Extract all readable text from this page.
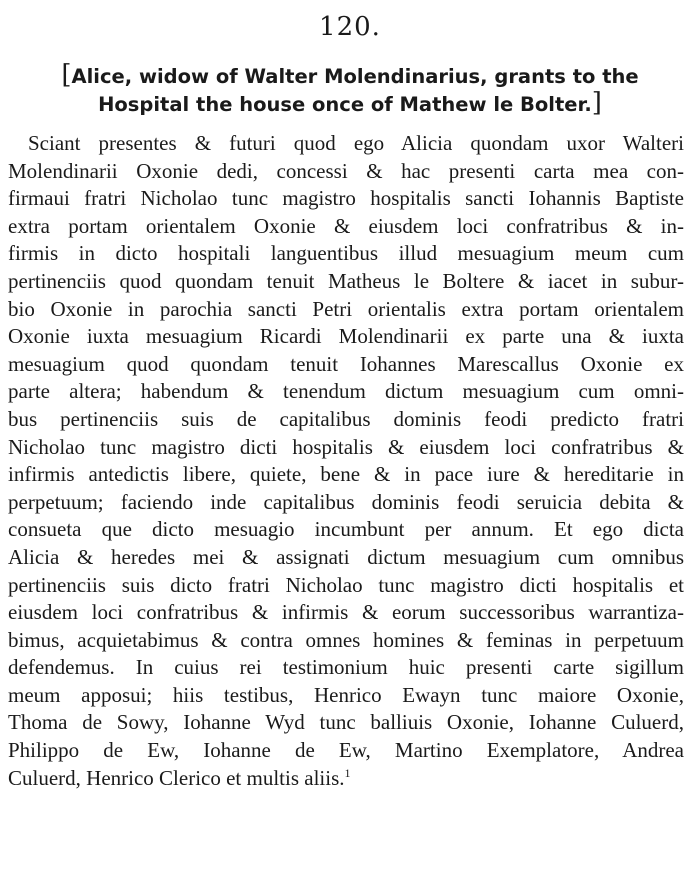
120.
[Alice, widow of Walter Molendinarius, grants to the
Hospital the house once of Mathew le Bolter.]
Sciant presentes & futuri quod ego Alicia quondam uxor Walteri
Molendinarii Oxonie dedi, concessi & hac presenti carta mea con-
firmaui fratri Nicholao tunc magistro hospitalis sancti Iohannis Baptiste
extra portam orientalem Oxonie & eiusdem loci confratribus & in-
firmis in dicto hospitali languentibus illud mesuagium meum cum
pertinenciis quod quondam tenuit Matheus le Boltere & iacet in subur-
bio Oxonie in parochia sancti Petri orientalis extra portam orientalem
Oxonie iuxta mesuagium Ricardi Molendinarii ex parte una & iuxta
mesuagium quod quondam tenuit Iohannes Marescallus Oxonie ex
parte altera; habendum & tenendum dictum mesuagium cum omni-
bus pertinenciis suis de capitalibus dominis feodi predicto fratri
Nicholao tunc magistro dicti hospitalis & eiusdem loci confratribus &
infirmis antedictis libere, quiete, bene & in pace iure & hereditarie in
perpetuum; faciendo inde capitalibus dominis feodi seruicia debita &
consueta que dicto mesuagio incumbunt per annum. Et ego dicta
Alicia & heredes mei & assignati dictum mesuagium cum omnibus
pertinenciis suis dicto fratri Nicholao tunc magistro dicti hospitalis et
eiusdem loci confratribus & infirmis & eorum successoribus warrantiza-
bimus, acquietabimus & contra omnes homines & feminas in perpetuum
defendemus. In cuius rei testimonium huic presenti carte sigillum
meum apposui; hiis testibus, Henrico Ewayn tunc maiore Oxonie,
Thoma de Sowy, Iohanne Wyd tunc balliuis Oxonie, Iohanne Culuerd,
Philippo de Ew, Iohanne de Ew, Martino Exemplatore, Andrea
Culuerd, Henrico Clerico et multis aliis.$^1$
